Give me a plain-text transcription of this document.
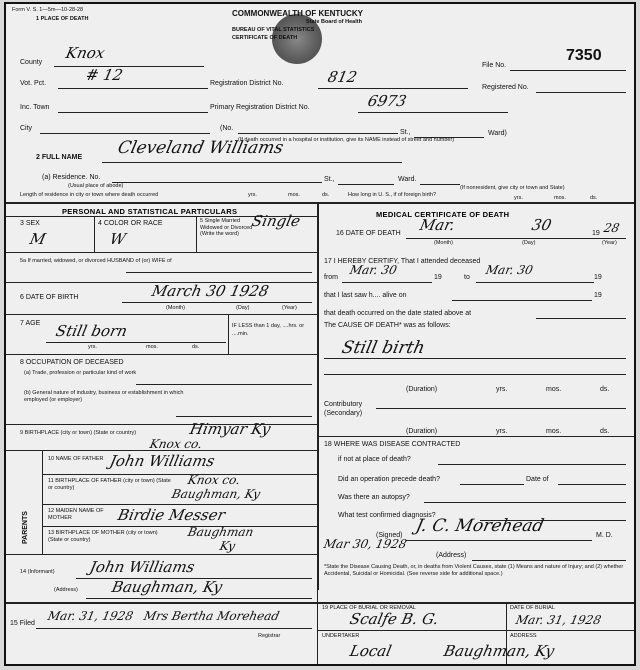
Form V. S. 1—5m—10-28-28
1 PLACE OF DEATH
COMMONWEALTH OF KENTUCKY
State Board of Health
BUREAU OF VITAL STATISTICS
CERTIFICATE OF DEATH
File No.
7350
Registered No.
County
Knox
Vot. Pct.	# 12	Registration District No.	812
Inc. Town	Primary Registration District No.	6973
City	(No.
St.,	Ward)
(If death occurred in a hospital or institution, give its NAME instead of street and number)
2 FULL NAME Cleveland Williams
(a) Residence. No.
(Usual place of abode)
St.,	Ward.
(If nonresident, give city or town and State)
Length of residence in city or town where death occurred	yrs.	mos.	ds.	How long in U. S., if of foreign birth?	yrs.	mos.	ds.
PERSONAL AND STATISTICAL PARTICULARS	MEDICAL CERTIFICATE OF DEATH
3 SEX
M
4 COLOR OR RACE
W
5 Single Married Widowed or Divorced (Write the word)
Single
5a If married, widowed, or divorced HUSBAND of (or) WIFE of
6 DATE OF BIRTH	March 30 1928
(Month)	(Day)	(Year)
7 AGE Still born
yrs.	mos.	ds.
IF LESS than 1 day, ....hrs. or ....min.
8 OCCUPATION OF DECEASED
(a) Trade, profession or particular kind of work
(b) General nature of industry, business or establishment in which employed (or employer)
9 BIRTHPLACE (city or town) (State or country)	Himyar Ky
Knox co.
PARENTS
10 NAME OF FATHER John Williams
11 BIRTHPLACE OF FATHER (city or town) (State or country)
Knox co.
Baughman, Ky
12 MAIDEN NAME OF MOTHER	Birdie Messer
13 BIRTHPLACE OF MOTHER (city or town) (State or country)
Baughman
Ky
14 (Informant) John Williams
(Address) Baughman, Ky
15 Filed
Mar. 31, 1928 Mrs Bertha Morehead
Registrar
16 DATE OF DEATH Mar.	30	19 28
(Month)	(Day)	(Year)
17 I HEREBY CERTIFY, That I attended deceased
from
Mar. 30
19	to
Mar. 30
19
that I last saw h.... alive on	19
that death occurred on the date stated above at
The CAUSE OF DEATH* was as follows:
Still birth
(Duration)	yrs.	mos.	ds.
Contributory (Secondary)
(Duration)	yrs.	mos.	ds.
18 WHERE WAS DISEASE CONTRACTED
if not at place of death?
Did an operation precede death?	Date of
Was there an autopsy?
What test confirmed diagnosis?
(Signed) J. C. Morehead	M. D.
Mar 30, 1928
(Address)
*State the Disease Causing Death, or, in deaths from Violent Causes, state (1) Means and nature of Injury; and (2) whether Accidental, Suicidal or Homicidal. (See reverse side for additional space.)
19 PLACE OF BURIAL OR REMOVAL
Scalfe B. G.
DATE OF BURIAL
Mar. 31, 1928
UNDERTAKER
Local
ADDRESS
Baughman, Ky
